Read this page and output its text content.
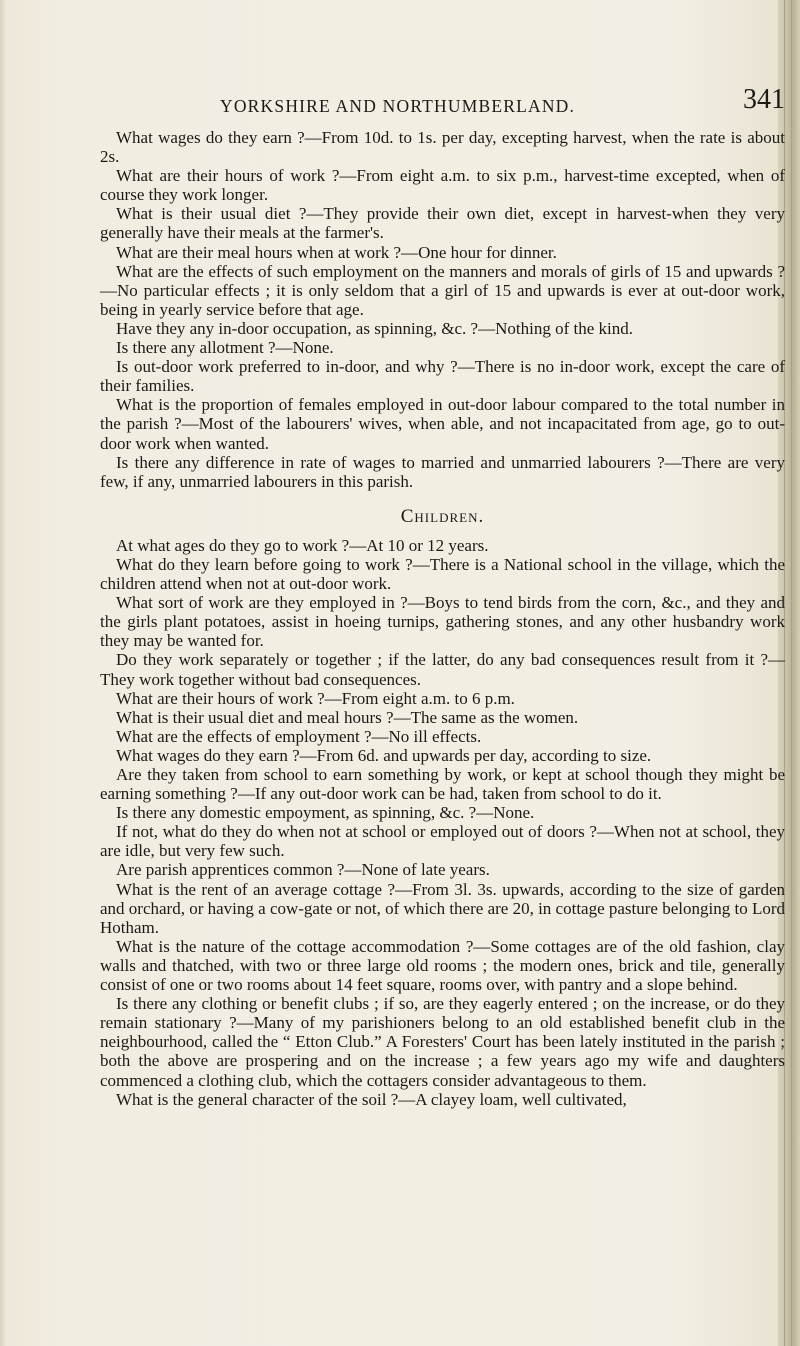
YORKSHIRE AND NORTHUMBERLAND.	341

What wages do they earn ?—From 10d. to 1s. per day, excepting harvest, when the rate is about 2s.

What are their hours of work ?—From eight a.m. to six p.m., harvest-time excepted, when of course they work longer.

What is their usual diet ?—They provide their own diet, except in harvest-when they very generally have their meals at the farmer's.

What are their meal hours when at work ?—One hour for dinner.

What are the effects of such employment on the manners and morals of girls of 15 and upwards ?—No particular effects ; it is only seldom that a girl of 15 and upwards is ever at out-door work, being in yearly service before that age.

Have they any in-door occupation, as spinning, &c. ?—Nothing of the kind.

Is there any allotment ?—None.

Is out-door work preferred to in-door, and why ?—There is no in-door work, except the care of their families.

What is the proportion of females employed in out-door labour compared to the total number in the parish ?—Most of the labourers' wives, when able, and not incapacitated from age, go to out-door work when wanted.

Is there any difference in rate of wages to married and unmarried labourers ?—There are very few, if any, unmarried labourers in this parish.

Children.

At what ages do they go to work ?—At 10 or 12 years.

What do they learn before going to work ?—There is a National school in the village, which the children attend when not at out-door work.

What sort of work are they employed in ?—Boys to tend birds from the corn, &c., and they and the girls plant potatoes, assist in hoeing turnips, gathering stones, and any other husbandry work they may be wanted for.

Do they work separately or together ; if the latter, do any bad consequences result from it ?—They work together without bad consequences.

What are their hours of work ?—From eight a.m. to 6 p.m.

What is their usual diet and meal hours ?—The same as the women.

What are the effects of employment ?—No ill effects.

What wages do they earn ?—From 6d. and upwards per day, according to size.

Are they taken from school to earn something by work, or kept at school though they might be earning something ?—If any out-door work can be had, taken from school to do it.

Is there any domestic empoyment, as spinning, &c. ?—None.

If not, what do they do when not at school or employed out of doors ?—When not at school, they are idle, but very few such.

Are parish apprentices common ?—None of late years.

What is the rent of an average cottage ?—From 3l. 3s. upwards, according to the size of garden and orchard, or having a cow-gate or not, of which there are 20, in cottage pasture belonging to Lord Hotham.

What is the nature of the cottage accommodation ?—Some cottages are of the old fashion, clay walls and thatched, with two or three large old rooms ; the modern ones, brick and tile, generally consist of one or two rooms about 14 feet square, rooms over, with pantry and a slope behind.

Is there any clothing or benefit clubs ; if so, are they eagerly entered ; on the increase, or do they remain stationary ?—Many of my parishioners belong to an old established benefit club in the neighbourhood, called the “ Etton Club.” A Foresters' Court has been lately instituted in the parish ; both the above are prospering and on the increase ; a few years ago my wife and daughters commenced a clothing club, which the cottagers consider advantageous to them.

What is the general character of the soil ?—A clayey loam, well cultivated,
